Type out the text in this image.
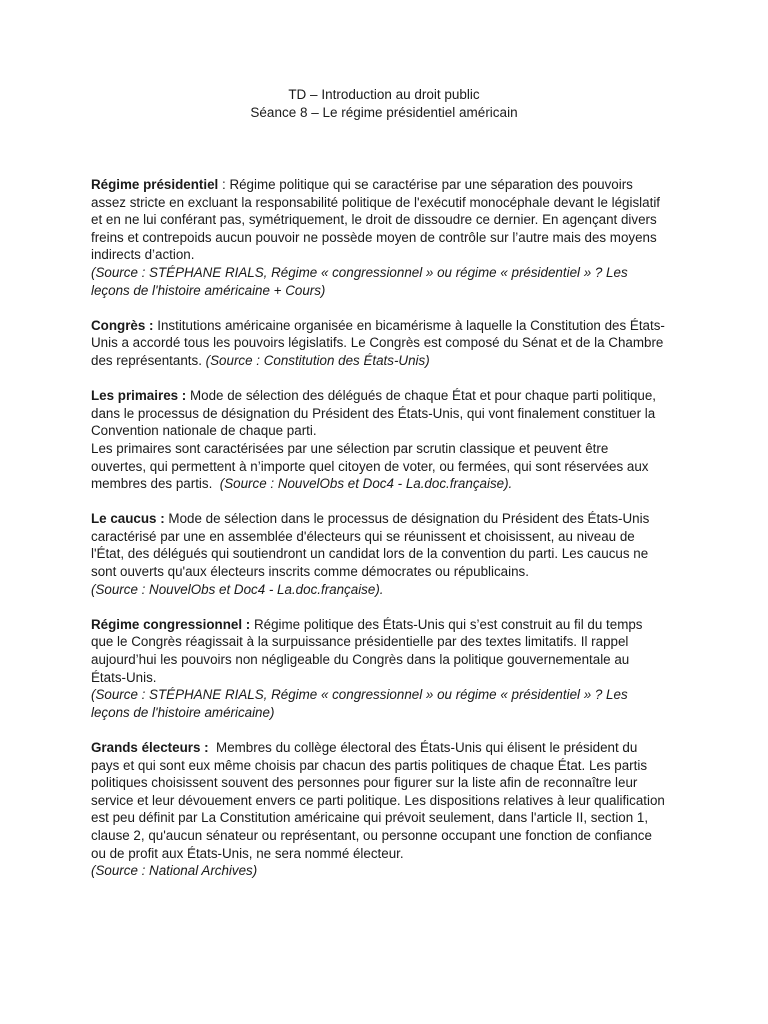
TD – Introduction au droit public
Séance 8 – Le régime présidentiel américain

Régime présidentiel : Régime politique qui se caractérise par une séparation des pouvoirs assez stricte en excluant la responsabilité politique de l'exécutif monocéphale devant le législatif et en ne lui conférant pas, symétriquement, le droit de dissoudre ce dernier. En agençant divers freins et contrepoids aucun pouvoir ne possède moyen de contrôle sur l’autre mais des moyens indirects d’action.

(Source : STÉPHANE RIALS, Régime « congressionnel » ou régime « présidentiel » ? Les leçons de l'histoire américaine + Cours)

Congrès : Institutions américaine organisée en bicamérisme à laquelle la Constitution des États-Unis a accordé tous les pouvoirs législatifs. Le Congrès est composé du Sénat et de la Chambre des représentants. (Source : Constitution des États-Unis)

Les primaires : Mode de sélection des délégués de chaque État et pour chaque parti politique, dans le processus de désignation du Président des États-Unis, qui vont finalement constituer la Convention nationale de chaque parti.

Les primaires sont caractérisées par une sélection par scrutin classique et peuvent être ouvertes, qui permettent à n’importe quel citoyen de voter, ou fermées, qui sont réservées aux membres des partis. (Source : NouvelObs et Doc4 - La.doc.française).

Le caucus : Mode de sélection dans le processus de désignation du Président des États-Unis caractérisé par une en assemblée d'électeurs qui se réunissent et choisissent, au niveau de l'État, des délégués qui soutiendront un candidat lors de la convention du parti. Les caucus ne sont ouverts qu'aux électeurs inscrits comme démocrates ou républicains.

(Source : NouvelObs et Doc4 - La.doc.française).

Régime congressionnel : Régime politique des États-Unis qui s’est construit au fil du temps que le Congrès réagissait à la surpuissance présidentielle par des textes limitatifs. Il rappel aujourd’hui les pouvoirs non négligeable du Congrès dans la politique gouvernementale au États-Unis.

(Source : STÉPHANE RIALS, Régime « congressionnel » ou régime « présidentiel » ? Les leçons de l'histoire américaine)

Grands électeurs : Membres du collège électoral des États-Unis qui élisent le président du pays et qui sont eux même choisis par chacun des partis politiques de chaque État. Les partis politiques choisissent souvent des personnes pour figurer sur la liste afin de reconnaître leur service et leur dévouement envers ce parti politique. Les dispositions relatives à leur qualification est peu définit par La Constitution américaine qui prévoit seulement, dans l'article II, section 1, clause 2, qu'aucun sénateur ou représentant, ou personne occupant une fonction de confiance ou de profit aux États-Unis, ne sera nommé électeur.

(Source : National Archives)
